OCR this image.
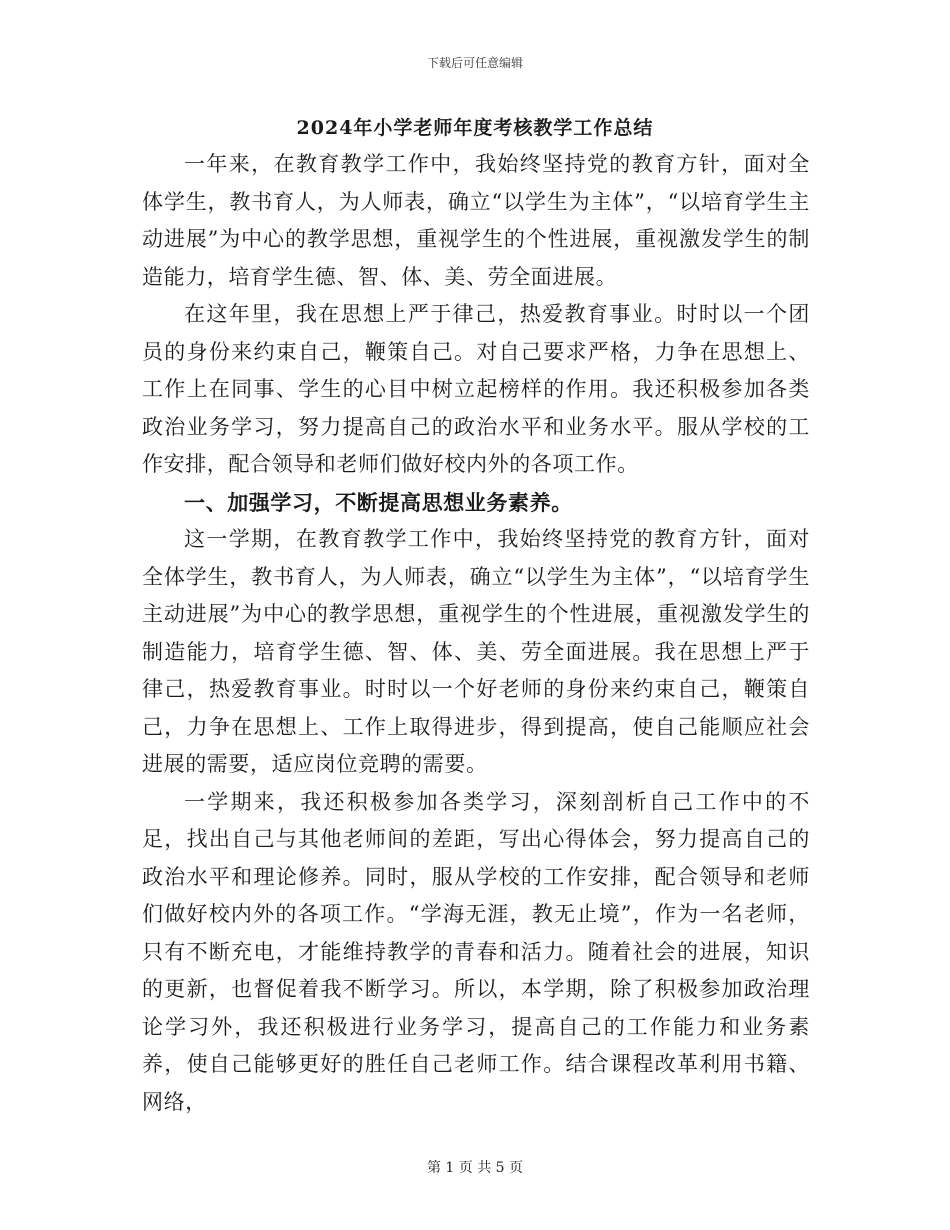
下载后可任意编辑
2024年小学老师年度考核教学工作总结

一年来，在教育教学工作中，我始终坚持党的教育方针，面对全体学生，教书育人，为人师表，确立“以学生为主体”，“以培育学生主动进展”为中心的教学思想，重视学生的个性进展，重视激发学生的制造能力，培育学生德、智、体、美、劳全面进展。

在这年里，我在思想上严于律己，热爱教育事业。时时以一个团员的身份来约束自己，鞭策自己。对自己要求严格，力争在思想上、工作上在同事、学生的心目中树立起榜样的作用。我还积极参加各类政治业务学习，努力提高自己的政治水平和业务水平。服从学校的工作安排，配合领导和老师们做好校内外的各项工作。

一、加强学习，不断提高思想业务素养。

这一学期，在教育教学工作中，我始终坚持党的教育方针，面对全体学生，教书育人，为人师表，确立“以学生为主体”，“以培育学生主动进展”为中心的教学思想，重视学生的个性进展，重视激发学生的制造能力，培育学生德、智、体、美、劳全面进展。我在思想上严于律己，热爱教育事业。时时以一个好老师的身份来约束自己，鞭策自己，力争在思想上、工作上取得进步，得到提高，使自己能顺应社会进展的需要，适应岗位竞聘的需要。

一学期来，我还积极参加各类学习，深刻剖析自己工作中的不足，找出自己与其他老师间的差距，写出心得体会，努力提高自己的政治水平和理论修养。同时，服从学校的工作安排，配合领导和老师们做好校内外的各项工作。“学海无涯，教无止境”，作为一名老师，只有不断充电，才能维持教学的青春和活力。随着社会的进展，知识的更新，也督促着我不断学习。所以，本学期，除了积极参加政治理论学习外，我还积极进行业务学习，提高自己的工作能力和业务素养，使自己能够更好的胜任自己老师工作。结合课程改革利用书籍、网络，

第 1 页 共 5 页
